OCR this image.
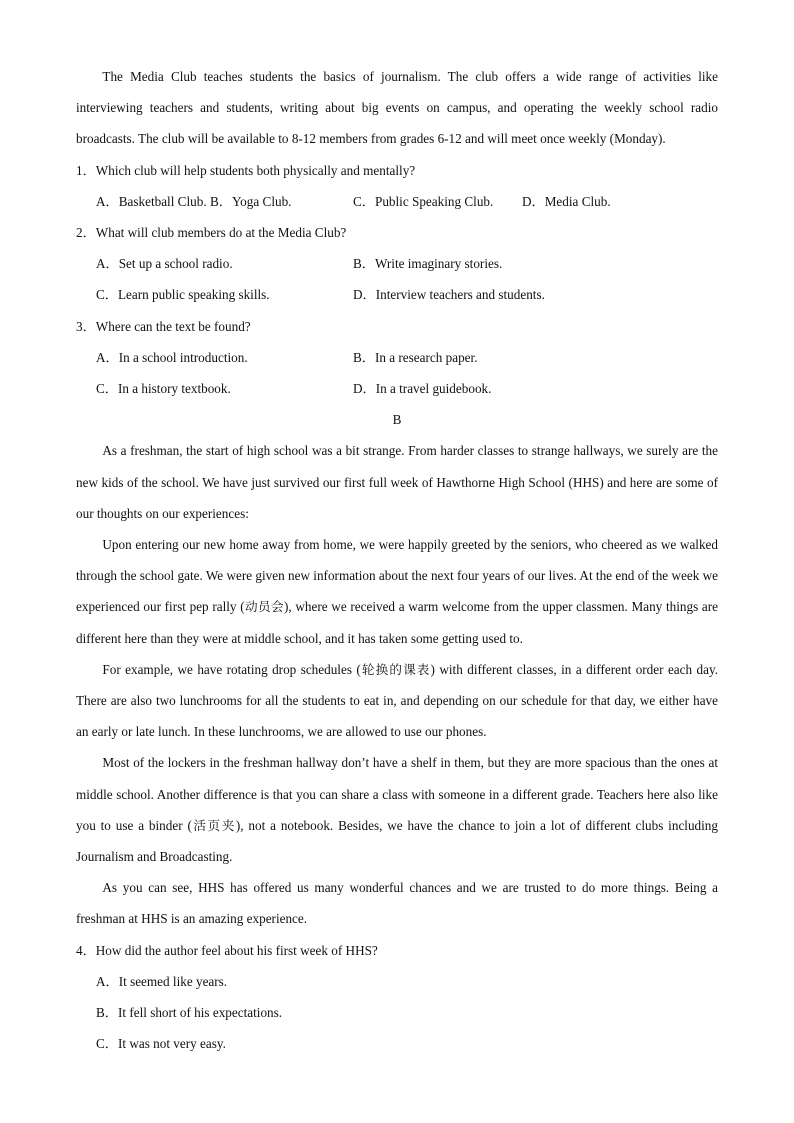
The Media Club teaches students the basics of journalism. The club offers a wide range of activities like interviewing teachers and students, writing about big events on campus, and operating the weekly school radio broadcasts. The club will be available to 8-12 members from grades 6-12 and will meet once weekly (Monday).

1．Which club will help students both physically and mentally?
A．Basketball Club. B．Yoga Club.	C．Public Speaking Club. D．Media Club.
2．What will club members do at the Media Club?
A．Set up a school radio.	B．Write imaginary stories.
C．Learn public speaking skills.	D．Interview teachers and students.
3．Where can the text be found?
A．In a school introduction.	B．In a research paper.
C．In a history textbook.	D．In a travel guidebook.
B

As a freshman, the start of high school was a bit strange. From harder classes to strange hallways, we surely are the new kids of the school. We have just survived our first full week of Hawthorne High School (HHS) and here are some of our thoughts on our experiences:

Upon entering our new home away from home, we were happily greeted by the seniors, who cheered as we walked through the school gate. We were given new information about the next four years of our lives. At the end of the week we experienced our first pep rally (动员会), where we received a warm welcome from the upper classmen. Many things are different here than they were at middle school, and it has taken some getting used to.

For example, we have rotating drop schedules (轮换的课表) with different classes, in a different order each day. There are also two lunchrooms for all the students to eat in, and depending on our schedule for that day, we either have an early or late lunch. In these lunchrooms, we are allowed to use our phones.

Most of the lockers in the freshman hallway don’t have a shelf in them, but they are more spacious than the ones at middle school. Another difference is that you can share a class with someone in a different grade. Teachers here also like you to use a binder (活页夹), not a notebook. Besides, we have the chance to join a lot of different clubs including Journalism and Broadcasting.

As you can see, HHS has offered us many wonderful chances and we are trusted to do more things. Being a freshman at HHS is an amazing experience.

4．How did the author feel about his first week of HHS?
A．It seemed like years.
B．It fell short of his expectations.
C．It was not very easy.
